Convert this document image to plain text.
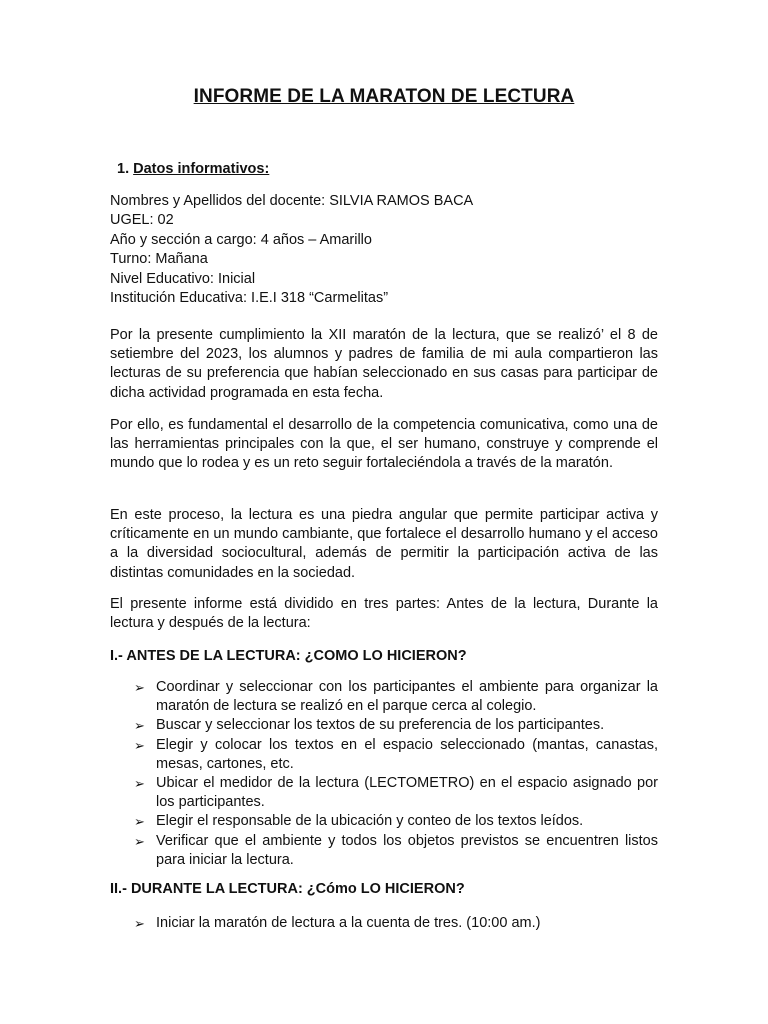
INFORME DE LA MARATON DE LECTURA
1. Datos informativos:
Nombres y Apellidos del docente: SILVIA RAMOS BACA
UGEL: 02
Año y sección a cargo: 4 años – Amarillo
Turno: Mañana
Nivel Educativo: Inicial
Institución Educativa: I.E.I 318 “Carmelitas”

Por la presente cumplimiento la XII maratón de la lectura, que se realizó’ el 8 de setiembre del 2023, los alumnos y padres de familia de mi aula compartieron las lecturas de su preferencia que habían seleccionado en sus casas para participar de dicha actividad programada en esta fecha.

Por ello, es fundamental el desarrollo de la competencia comunicativa, como una de las herramientas principales con la que, el ser humano, construye y comprende el mundo que lo rodea y es un reto seguir fortaleciéndola a través de la maratón.

En este proceso, la lectura es una piedra angular que permite participar activa y críticamente en un mundo cambiante, que fortalece el desarrollo humano y el acceso a la diversidad sociocultural, además de permitir la participación activa de las distintas comunidades en la sociedad.

El presente informe está dividido en tres partes: Antes de la lectura, Durante la lectura y después de la lectura:

I.- ANTES DE LA LECTURA: ¿COMO LO HICIERON?
➢ Coordinar y seleccionar con los participantes el ambiente para organizar la maratón de lectura se realizó en el parque cerca al colegio.
➢ Buscar y seleccionar los textos de su preferencia de los participantes.
➢ Elegir y colocar los textos en el espacio seleccionado (mantas, canastas, mesas, cartones, etc.
➢ Ubicar el medidor de la lectura (LECTOMETRO) en el espacio asignado por los participantes.
➢ Elegir el responsable de la ubicación y conteo de los textos leídos.
➢ Verificar que el ambiente y todos los objetos previstos se encuentren listos para iniciar la lectura.
II.- DURANTE LA LECTURA: ¿Cómo LO HICIERON?
➢ Iniciar la maratón de lectura a la cuenta de tres. (10:00 am.)
